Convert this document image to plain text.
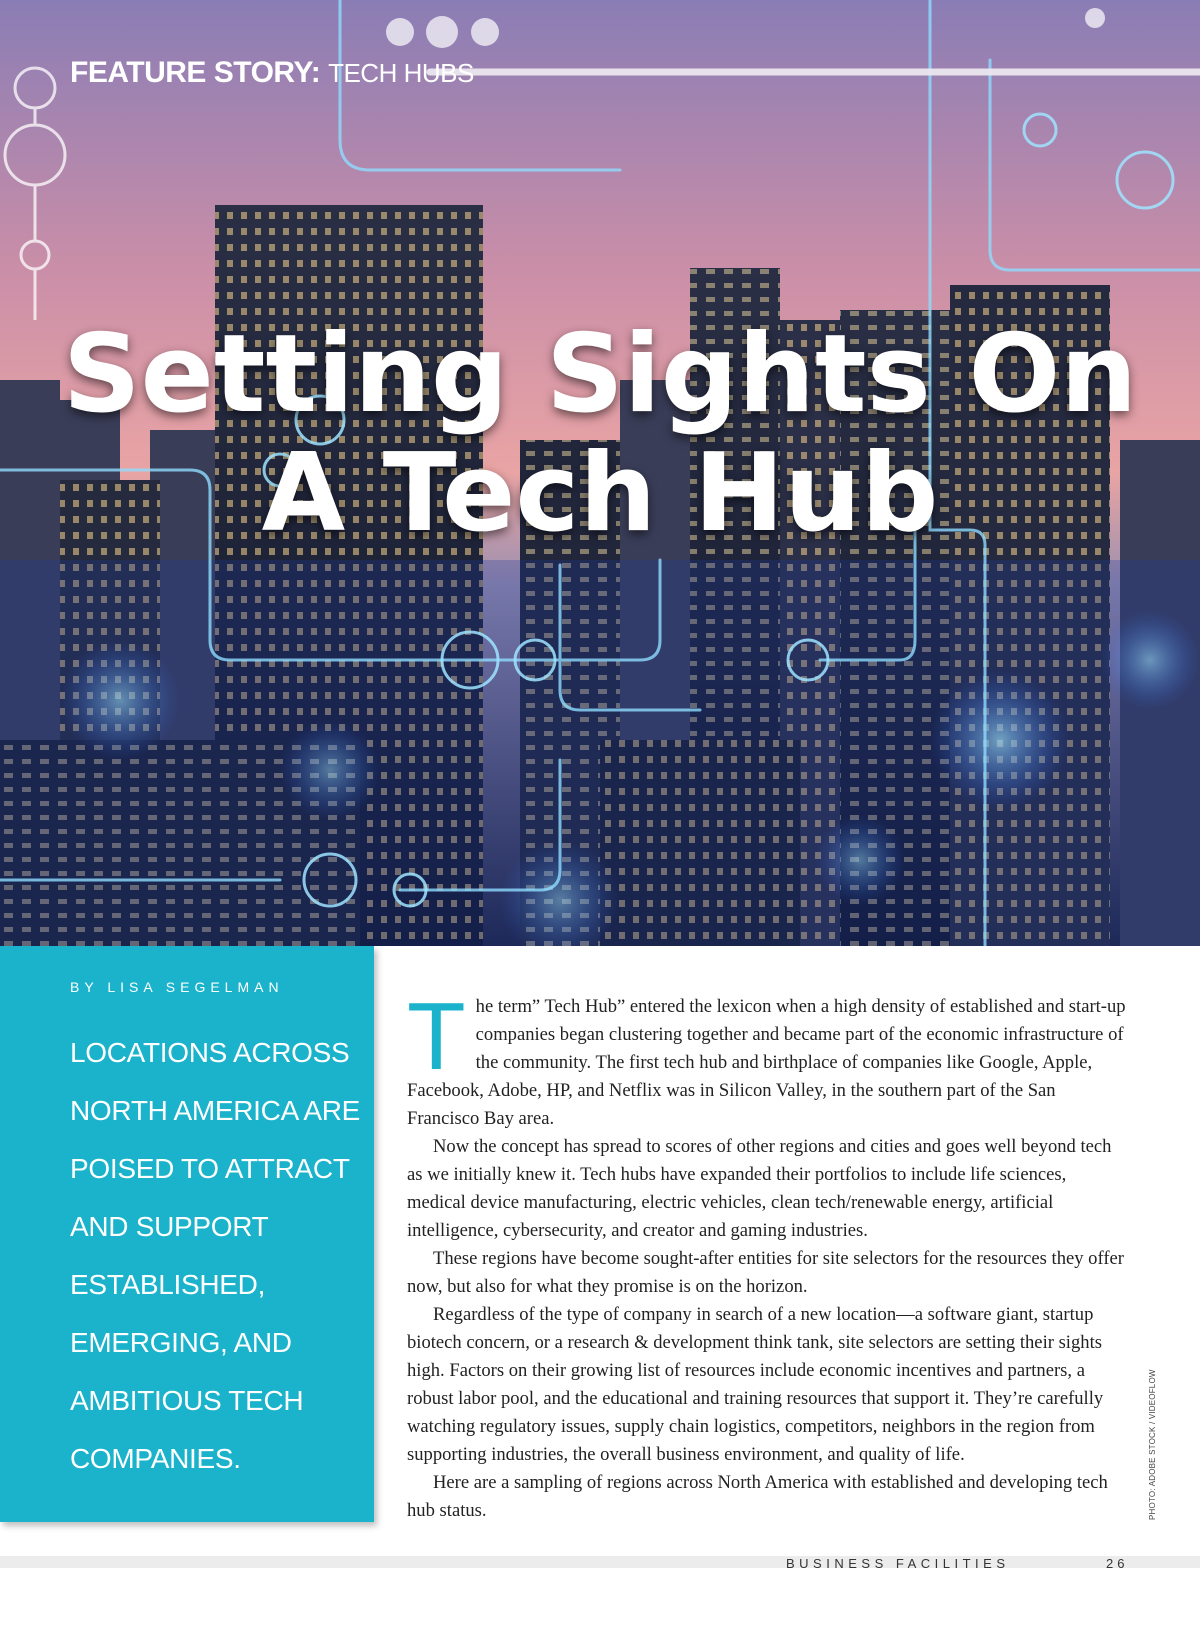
FEATURE STORY: TECH HUBS
Setting Sights On
A Tech Hub
BY LISA SEGELMAN
LOCATIONS ACROSS
NORTH AMERICA ARE
POISED TO ATTRACT
AND SUPPORT
ESTABLISHED,
EMERGING, AND
AMBITIOUS TECH
COMPANIES.

The term” Tech Hub” entered the lexicon when a high density of established and start-up companies began clustering together and became part of the economic infrastructure of the community. The first tech hub and birthplace of companies like Google, Apple, Facebook, Adobe, HP, and Netflix was in Silicon Valley, in the southern part of the San Francisco Bay area.

Now the concept has spread to scores of other regions and cities and goes well beyond tech as we initially knew it. Tech hubs have expanded their portfolios to include life sciences, medical device manufacturing, electric vehicles, clean tech/renewable energy, artificial intelligence, cybersecurity, and creator and gaming industries.

These regions have become sought-after entities for site selectors for the resources they offer now, but also for what they promise is on the horizon.

Regardless of the type of company in search of a new location—a software giant, startup biotech concern, or a research & development think tank, site selectors are setting their sights high. Factors on their growing list of resources include economic incentives and partners, a robust labor pool, and the educational and training resources that support it. They’re carefully watching regulatory issues, supply chain logistics, competitors, neighbors in the region from supporting industries, the overall business environment, and quality of life.

Here are a sampling of regions across North America with established and developing tech hub status.	PHOTO: ADOBE STOCK / VIDEOFLOW
BUSINESS FACILITIES	26
